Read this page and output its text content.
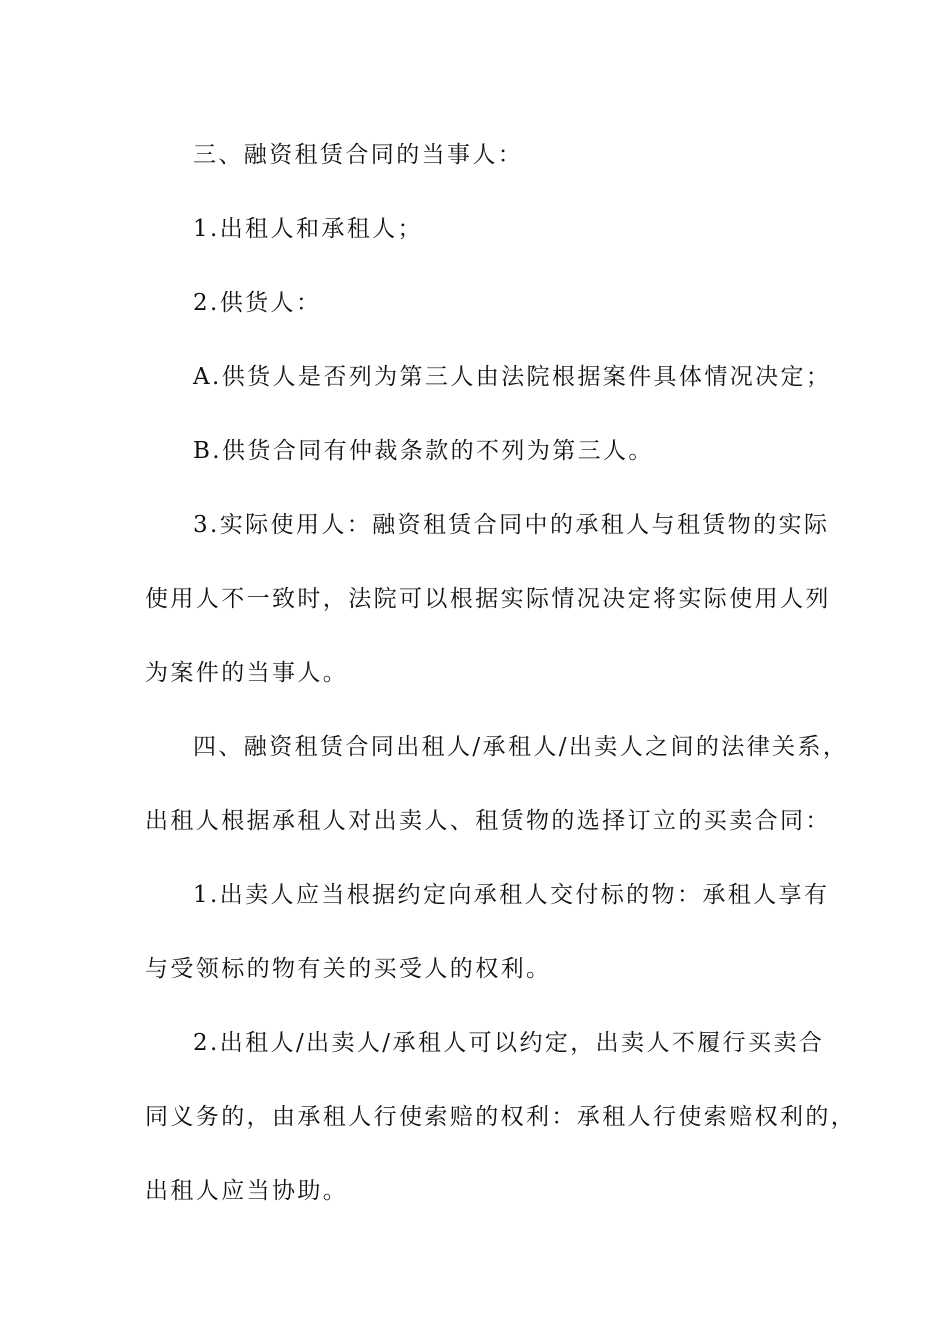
三、融资租赁合同的当事人：
1.出租人和承租人；
2.供货人：
A.供货人是否列为第三人由法院根据案件具体情况决定；
B.供货合同有仲裁条款的不列为第三人。
3.实际使用人：融资租赁合同中的承租人与租赁物的实际
使用人不一致时，法院可以根据实际情况决定将实际使用人列
为案件的当事人。
四、融资租赁合同出租人/承租人/出卖人之间的法律关系，
出租人根据承租人对出卖人、租赁物的选择订立的买卖合同：
1.出卖人应当根据约定向承租人交付标的物：承租人享有
与受领标的物有关的买受人的权利。
2.出租人/出卖人/承租人可以约定，出卖人不履行买卖合
同义务的，由承租人行使索赔的权利：承租人行使索赔权利的，
出租人应当协助。
